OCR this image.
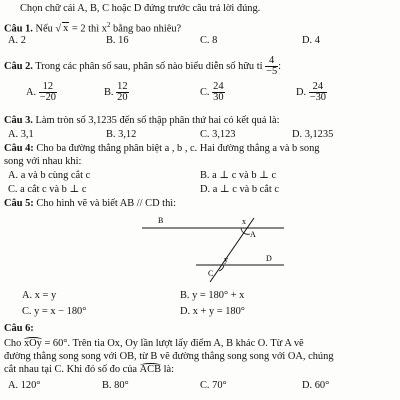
Chọn chữ cái A, B, C hoặc D đứng trước câu trả lời đúng.
Câu 1. Nếu √ x = 2 thì $x^2$ bằng bao nhiêu?
A. 2	B. 16	C. 8	D. 4
Câu 2. Trong các phân số sau, phân số nào biểu diễn số hữu tỉ $\frac{4}{-5}$ :
A. $\frac{12}{-20}$	B. $\frac{12}{20}$	C. $\frac{24}{30}$	D. $\frac{24}{-30}$
Câu 3. Làm tròn số 3,1235 đến số thập phân thứ hai có kết quả là:
A. 3,1	B. 3,12	C. 3,123	D. 3,1235
Câu 4: Cho ba đường thẳng phân biệt a , b , c. Hai đường thẳng a và b song
song với nhau khi:
A. a và b cùng cắt c	B. a ⊥ c và b ⊥ c
C. a cắt c và b ⊥ c	D. a ⊥ c và b cắt c
Câu 5: Cho hình vẽ và biết AB // CD thì:
B	x
A
y	D
C
A. x = y	B. y = 180° + x
C. y = x − 180°	D. x + y = 180°
Câu 6:
Cho xOy = 60°. Trên tia Ox, Oy lần lượt lấy điểm A, B khác O. Từ A vẽ
đường thẳng song song với OB, từ B vẽ đường thẳng song song với OA, chúng
cắt nhau tại C. Khi đó số đo của ACB là:
A. 120°	B. 80°	C. 70°	D. 60°
